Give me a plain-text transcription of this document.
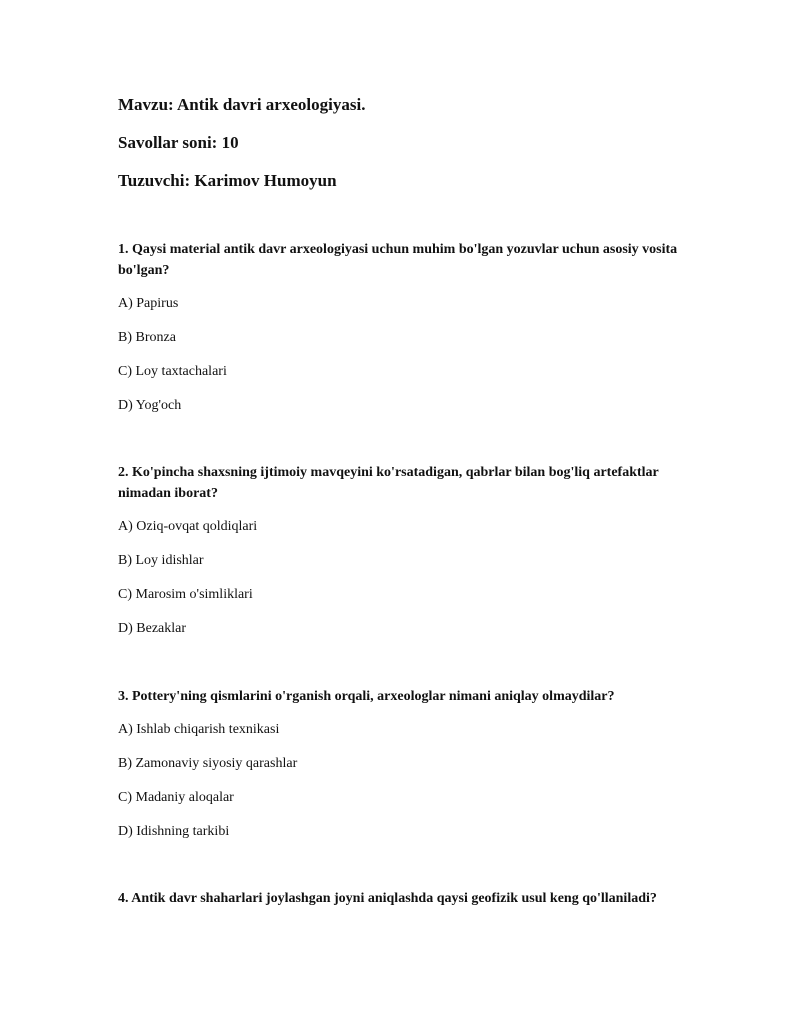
Mavzu: Antik davri arxeologiyasi.
Savollar soni: 10
Tuzuvchi: Karimov Humoyun
1. Qaysi material antik davr arxeologiyasi uchun muhim bo'lgan yozuvlar uchun asosiy vosita bo'lgan?
A) Papirus
B) Bronza
C) Loy taxtachalari
D) Yog'och
2. Ko'pincha shaxsning ijtimoiy mavqeyini ko'rsatadigan, qabrlar bilan bog'liq artefaktlar nimadan iborat?
A) Oziq-ovqat qoldiqlari
B) Loy idishlar
C) Marosim o'simliklari
D) Bezaklar
3. Pottery'ning qismlarini o'rganish orqali, arxeologlar nimani aniqlay olmaydilar?
A) Ishlab chiqarish texnikasi
B) Zamonaviy siyosiy qarashlar
C) Madaniy aloqalar
D) Idishning tarkibi
4. Antik davr shaharlari joylashgan joyni aniqlashda qaysi geofizik usul keng qo'llaniladi?
